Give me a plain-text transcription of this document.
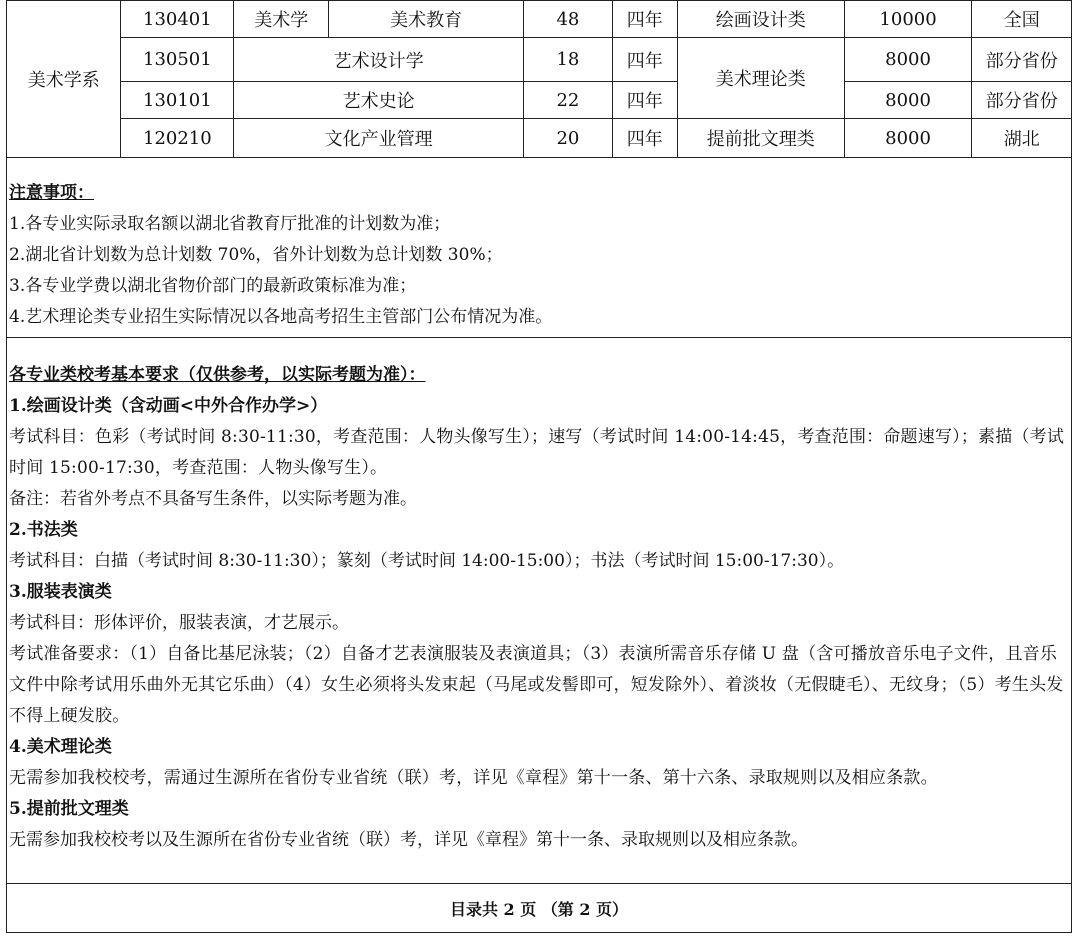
美术学系	130401	美术学	美术教育	48	四年	绘画设计类	10000	全国
	130501	艺术设计学		18	四年	美术理论类	8000	部分省份
	130101	艺术史论		22	四年		8000	部分省份
	120210	文化产业管理		20	四年	提前批文理类	8000	湖北
注意事项：
1.各专业实际录取名额以湖北省教育厅批准的计划数为准；
2.湖北省计划数为总计划数 70%，省外计划数为总计划数 30%；
3.各专业学费以湖北省物价部门的最新政策标准为准；
4.艺术理论类专业招生实际情况以各地高考招生主管部门公布情况为准。
各专业类校考基本要求（仅供参考，以实际考题为准）：
1.绘画设计类（含动画<中外合作办学>）
考试科目：色彩（考试时间 8:30-11:30，考查范围：人物头像写生）；速写（考试时间 14:00-14:45，考查范围：命题速写）；素描（考试时间 15:00-17:30，考查范围：人物头像写生）。
备注：若省外考点不具备写生条件，以实际考题为准。
2.书法类
考试科目：白描（考试时间 8:30-11:30）；篆刻（考试时间 14:00-15:00）；书法（考试时间 15:00-17:30）。
3.服装表演类
考试科目：形体评价，服装表演，才艺展示。
考试准备要求：（1）自备比基尼泳装；（2）自备才艺表演服装及表演道具；（3）表演所需音乐存储 U 盘（含可播放音乐电子文件，且音乐文件中除考试用乐曲外无其它乐曲）（4）女生必须将头发束起（马尾或发髻即可，短发除外）、着淡妆（无假睫毛）、无纹身；（5）考生头发不得上硬发胶。
4.美术理论类
无需参加我校校考，需通过生源所在省份专业省统（联）考，详见《章程》第十一条、第十六条、录取规则以及相应条款。
5.提前批文理类
无需参加我校校考以及生源所在省份专业省统（联）考，详见《章程》第十一条、录取规则以及相应条款。
目录共 2 页 （第 2 页）
